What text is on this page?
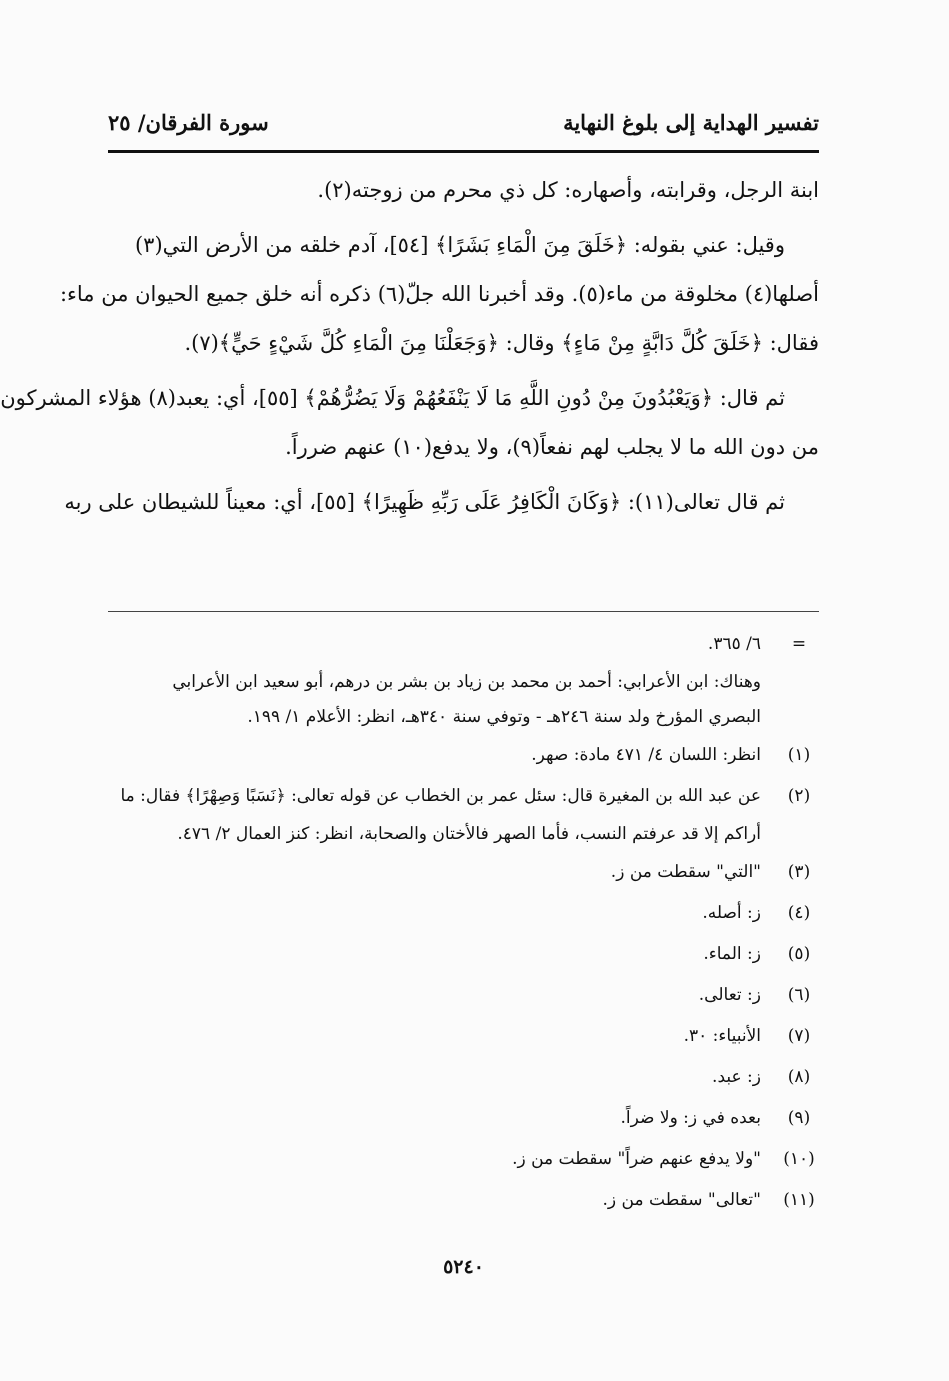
تفسير الهداية إلى بلوغ النهاية
سورة الفرقان/ ٢٥
ابنة الرجل، وقرابته، وأصهاره: كل ذي محرم من زوجته(٢).
وقيل: عني بقوله: ﴿خَلَقَ مِنَ الْمَاءِ بَشَرًا﴾ [٥٤]، آدم خلقه من الأرض التي(٣)
أصلها(٤) مخلوقة من ماء(٥). وقد أخبرنا الله جلّ(٦) ذكره أنه خلق جميع الحيوان من ماء:
فقال: ﴿خَلَقَ كُلَّ دَابَّةٍ مِنْ مَاءٍ﴾ وقال: ﴿وَجَعَلْنَا مِنَ الْمَاءِ كُلَّ شَيْءٍ حَيٍّ﴾(٧).
ثم قال: ﴿وَيَعْبُدُونَ مِنْ دُونِ اللَّهِ مَا لَا يَنْفَعُهُمْ وَلَا يَضُرُّهُمْ﴾ [٥٥]، أي: يعبد(٨) هؤلاء المشركون
من دون الله ما لا يجلب لهم نفعاً(٩)، ولا يدفع(١٠) عنهم ضرراً.
ثم قال تعالى(١١): ﴿وَكَانَ الْكَافِرُ عَلَى رَبِّهِ ظَهِيرًا﴾ [٥٥]، أي: معيناً للشيطان على ربه
=
٦/ ٣٦٥.
وهناك: ابن الأعرابي: أحمد بن محمد بن زياد بن بشر بن درهم، أبو سعيد ابن الأعرابي
البصري المؤرخ ولد سنة ٢٤٦هـ - وتوفي سنة ٣٤٠هـ، انظر: الأعلام ١/ ١٩٩.
(١)
انظر: اللسان ٤/ ٤٧١ مادة: صهر.
(٢)
عن عبد الله بن المغيرة قال: سئل عمر بن الخطاب عن قوله تعالى: ﴿نَسَبًا وَصِهْرًا﴾ فقال: ما
أراكم إلا قد عرفتم النسب، فأما الصهر فالأختان والصحابة، انظر: كنز العمال ٢/ ٤٧٦.
(٣)
"التي" سقطت من ز.
(٤)
ز: أصله.
(٥)
ز: الماء.
(٦)
ز: تعالى.
(٧)
الأنبياء: ٣٠.
(٨)
ز: عبد.
(٩)
بعده في ز: ولا ضراً.
(١٠)
"ولا يدفع عنهم ضراً" سقطت من ز.
(١١)
"تعالى" سقطت من ز.
٥٢٤٠
